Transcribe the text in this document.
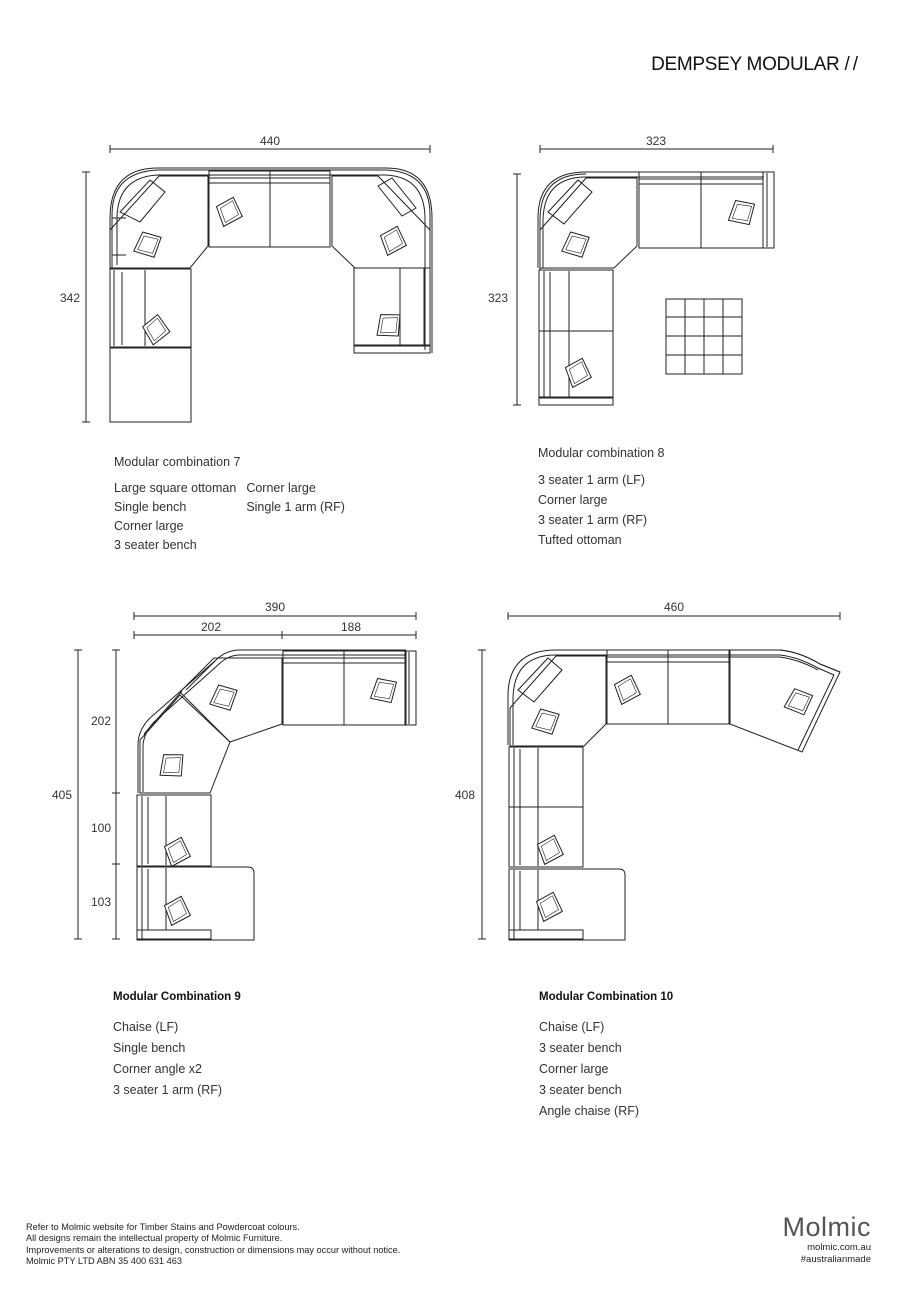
DEMPSEY MODULAR //
440
342
323
323
390
202	188
405
202
100
103
460
408
Modular combination 7
Large square ottoman
Single bench
Corner large
3 seater bench
Corner large
Single 1 arm (RF)
Modular combination 8
3 seater 1 arm (LF)
Corner large
3 seater 1 arm (RF)
Tufted ottoman
Modular Combination 9
Chaise (LF)
Single bench
Corner angle x2
3 seater 1 arm (RF)
Modular Combination 10
Chaise (LF)
3 seater bench
Corner large
3 seater bench
Angle chaise (RF)
Refer to Molmic website for Timber Stains and Powdercoat colours.
All designs remain the intellectual property of Molmic Furniture.
Improvements or alterations to design, construction or dimensions may occur without notice.
Molmic PTY LTD ABN 35 400 631 463
Molmic
molmic.com.au
#australianmade
